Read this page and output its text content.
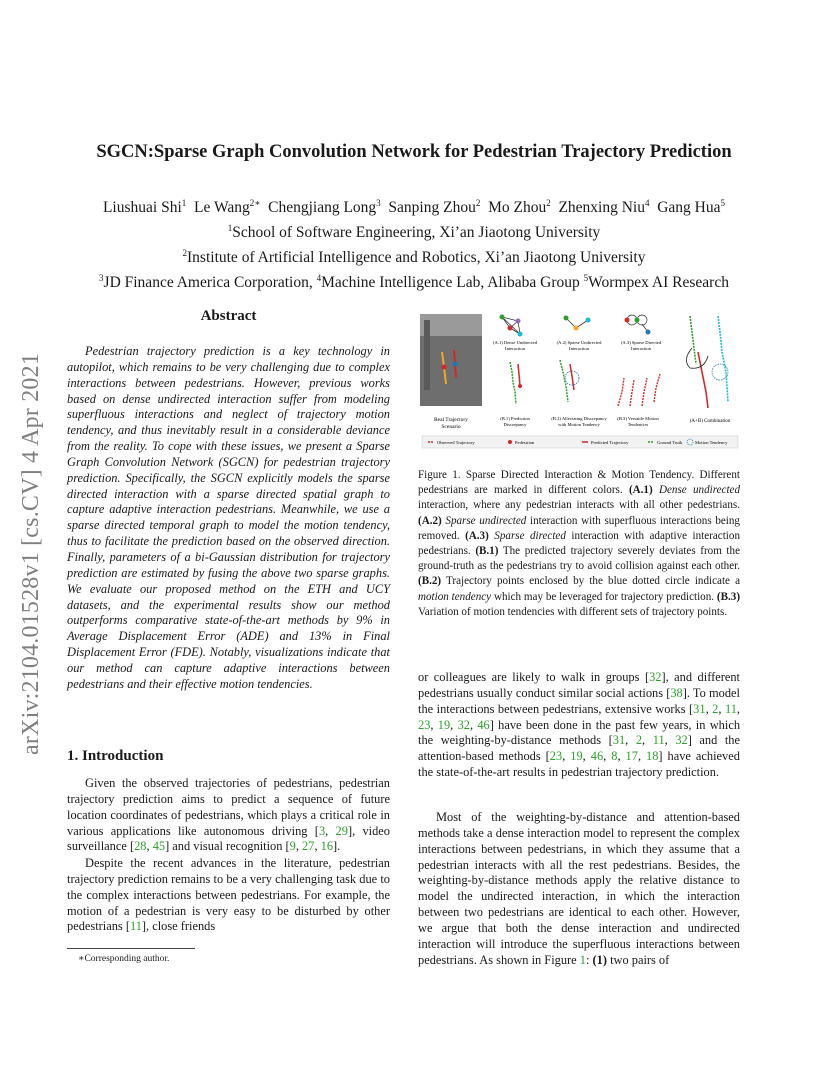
arXiv:2104.01528v1 [cs.CV] 4 Apr 2021
SGCN:Sparse Graph Convolution Network for Pedestrian Trajectory Prediction
Liushuai Shi$^1$ Le Wang$^{2∗}$ Chengjiang Long$^3$ Sanping Zhou$^2$ Mo Zhou$^2$ Zhenxing Niu$^4$ Gang Hua$^5$
$^1$School of Software Engineering, Xi’an Jiaotong University
$^2$Institute of Artificial Intelligence and Robotics, Xi’an Jiaotong University
$^3$JD Finance America Corporation, $^4$Machine Intelligence Lab, Alibaba Group $^5$Wormpex AI Research
Abstract
Pedestrian trajectory prediction is a key technology in autopilot, which remains to be very challenging due to complex interactions between pedestrians. However, previous works based on dense undirected interaction suffer from modeling superfluous interactions and neglect of trajectory motion tendency, and thus inevitably result in a considerable deviance from the reality. To cope with these issues, we present a Sparse Graph Convolution Network (SGCN) for pedestrian trajectory prediction. Specifically, the SGCN explicitly models the sparse directed interaction with a sparse directed spatial graph to capture adaptive interaction pedestrians. Meanwhile, we use a sparse directed temporal graph to model the motion tendency, thus to facilitate the prediction based on the observed direction. Finally, parameters of a bi-Gaussian distribution for trajectory prediction are estimated by fusing the above two sparse graphs. We evaluate our proposed method on the ETH and UCY datasets, and the experimental results show our method outperforms comparative state-of-the-art methods by 9% in Average Displacement Error (ADE) and 13% in Final Displacement Error (FDE). Notably, visualizations indicate that our method can capture adaptive interactions between pedestrians and their effective motion tendencies.
1. Introduction

Given the observed trajectories of pedestrians, pedestrian trajectory prediction aims to predict a sequence of future location coordinates of pedestrians, which plays a critical role in various applications like autonomous driving [3, 29], video surveillance [28, 45] and visual recognition [9, 27, 16].

Despite the recent advances in the literature, pedestrian trajectory prediction remains to be a very challenging task due to the complex interactions between pedestrians. For example, the motion of a pedestrian is very easy to be disturbed by other pedestrians [11], close friends

∗Corresponding author.
Real Trajectory
Scenario
(A.1) Dense Undirected
Interaction
(A.2) Sparse Undirected
Interaction
(A.3) Sparse Directed
Interaction
(B.1) Prediction
Discrepancy
(B.2) Alleviating Discrepancy
with Motion Tendency
(B.3) Versatile Motion
Tendencies
(A+B) Combination
Observed Trajectory	Pedestrian	Predicted Trajectory	Ground Truth	Motion Tendency
Figure 1. Sparse Directed Interaction & Motion Tendency. Different pedestrians are marked in different colors. (A.1) Dense undirected interaction, where any pedestrian interacts with all other pedestrians. (A.2) Sparse undirected interaction with superfluous interactions being removed. (A.3) Sparse directed interaction with adaptive interaction pedestrians. (B.1) The predicted trajectory severely deviates from the ground-truth as the pedestrians try to avoid collision against each other. (B.2) Trajectory points enclosed by the blue dotted circle indicate a motion tendency which may be leveraged for trajectory prediction. (B.3) Variation of motion tendencies with different sets of trajectory points.

or colleagues are likely to walk in groups [32], and different pedestrians usually conduct similar social actions [38]. To model the interactions between pedestrians, extensive works [31, 2, 11, 23, 19, 32, 46] have been done in the past few years, in which the weighting-by-distance methods [31, 2, 11, 32] and the attention-based methods [23, 19, 46, 8, 17, 18] have achieved the state-of-the-art results in pedestrian trajectory prediction.

Most of the weighting-by-distance and attention-based methods take a dense interaction model to represent the complex interactions between pedestrians, in which they assume that a pedestrian interacts with all the rest pedestrians. Besides, the weighting-by-distance methods apply the relative distance to model the undirected interaction, in which the interaction between two pedestrians are identical to each other. However, we argue that both the dense interaction and undirected interaction will introduce the superfluous interactions between pedestrians. As shown in Figure 1: (1) two pairs of
